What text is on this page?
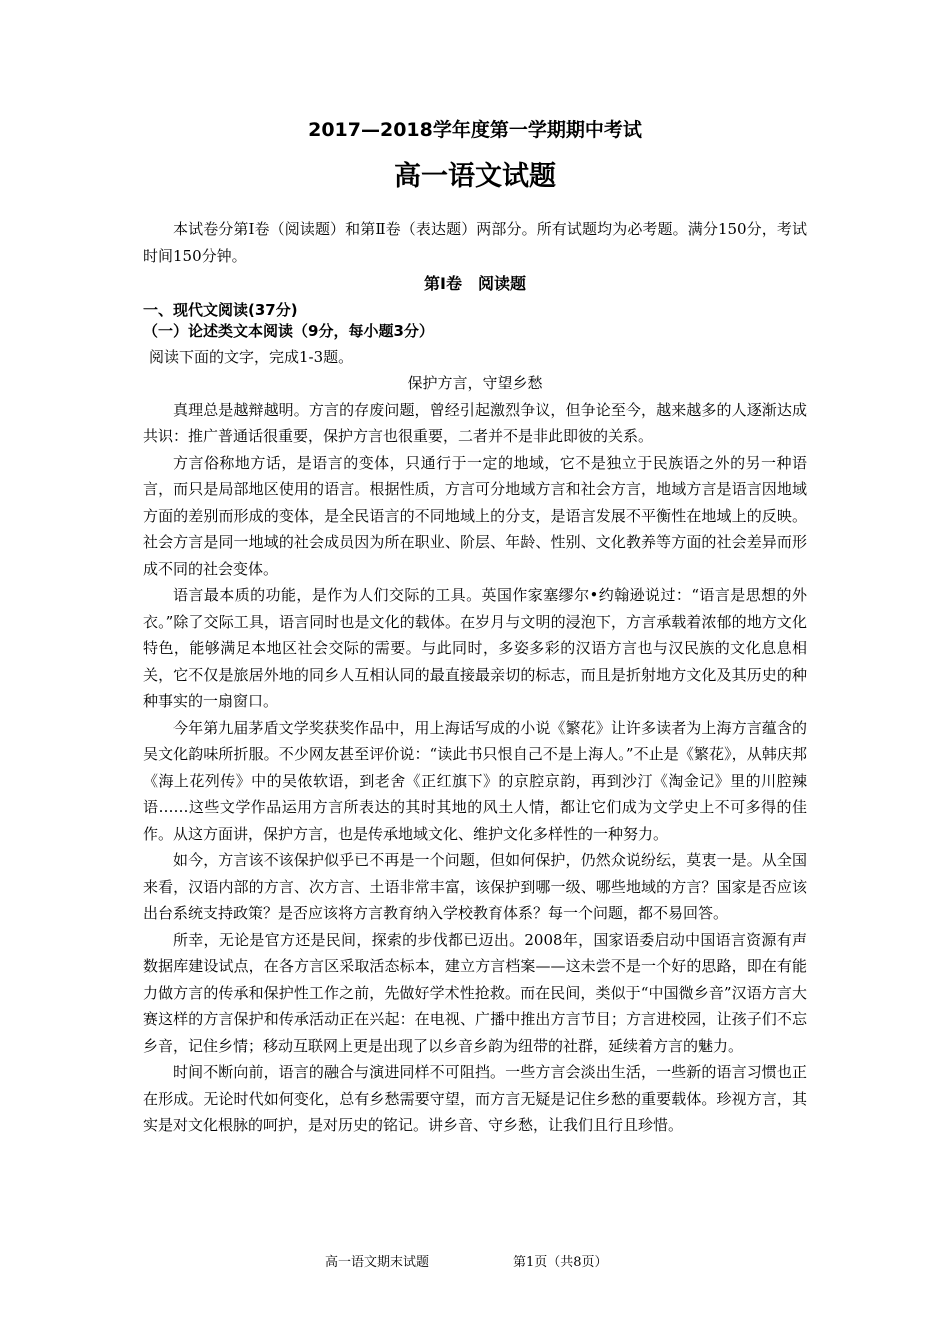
2017—2018学年度第一学期期中考试
高一语文试题

本试卷分第Ⅰ卷（阅读题）和第Ⅱ卷（表达题）两部分。所有试题均为必考题。满分150分，考试时间150分钟。

第Ⅰ卷　阅读题

一、现代文阅读(37分)

（一）论述类文本阅读（9分，每小题3分）

阅读下面的文字，完成1-3题。

保护方言，守望乡愁

真理总是越辩越明。方言的存废问题，曾经引起激烈争议，但争论至今，越来越多的人逐渐达成共识：推广普通话很重要，保护方言也很重要，二者并不是非此即彼的关系。

方言俗称地方话，是语言的变体，只通行于一定的地域，它不是独立于民族语之外的另一种语言，而只是局部地区使用的语言。根据性质，方言可分地域方言和社会方言，地域方言是语言因地域方面的差别而形成的变体，是全民语言的不同地域上的分支，是语言发展不平衡性在地域上的反映。社会方言是同一地域的社会成员因为所在职业、阶层、年龄、性别、文化教养等方面的社会差异而形成不同的社会变体。

语言最本质的功能，是作为人们交际的工具。英国作家塞缪尔•约翰逊说过：“语言是思想的外衣。”除了交际工具，语言同时也是文化的载体。在岁月与文明的浸泡下，方言承载着浓郁的地方文化特色，能够满足本地区社会交际的需要。与此同时，多姿多彩的汉语方言也与汉民族的文化息息相关，它不仅是旅居外地的同乡人互相认同的最直接最亲切的标志，而且是折射地方文化及其历史的种种事实的一扇窗口。

今年第九届茅盾文学奖获奖作品中，用上海话写成的小说《繁花》让许多读者为上海方言蕴含的吴文化韵味所折服。不少网友甚至评价说：“读此书只恨自己不是上海人。”不止是《繁花》，从韩庆邦《海上花列传》中的吴侬软语，到老舍《正红旗下》的京腔京韵，再到沙汀《淘金记》里的川腔辣语……这些文学作品运用方言所表达的其时其地的风土人情，都让它们成为文学史上不可多得的佳作。从这方面讲，保护方言，也是传承地域文化、维护文化多样性的一种努力。

如今，方言该不该保护似乎已不再是一个问题，但如何保护，仍然众说纷纭，莫衷一是。从全国来看，汉语内部的方言、次方言、土语非常丰富，该保护到哪一级、哪些地域的方言？国家是否应该出台系统支持政策？是否应该将方言教育纳入学校教育体系？每一个问题，都不易回答。

所幸，无论是官方还是民间，探索的步伐都已迈出。2008年，国家语委启动中国语言资源有声数据库建设试点，在各方言区采取活态标本，建立方言档案——这未尝不是一个好的思路，即在有能力做方言的传承和保护性工作之前，先做好学术性抢救。而在民间，类似于“中国微乡音”汉语方言大赛这样的方言保护和传承活动正在兴起：在电视、广播中推出方言节目；方言进校园，让孩子们不忘乡音，记住乡情；移动互联网上更是出现了以乡音乡韵为纽带的社群，延续着方言的魅力。

时间不断向前，语言的融合与演进同样不可阻挡。一些方言会淡出生活，一些新的语言习惯也正在形成。无论时代如何变化，总有乡愁需要守望，而方言无疑是记住乡愁的重要载体。珍视方言，其实是对文化根脉的呵护，是对历史的铭记。讲乡音、守乡愁，让我们且行且珍惜。

高一语文期末试题	第1页（共8页）
